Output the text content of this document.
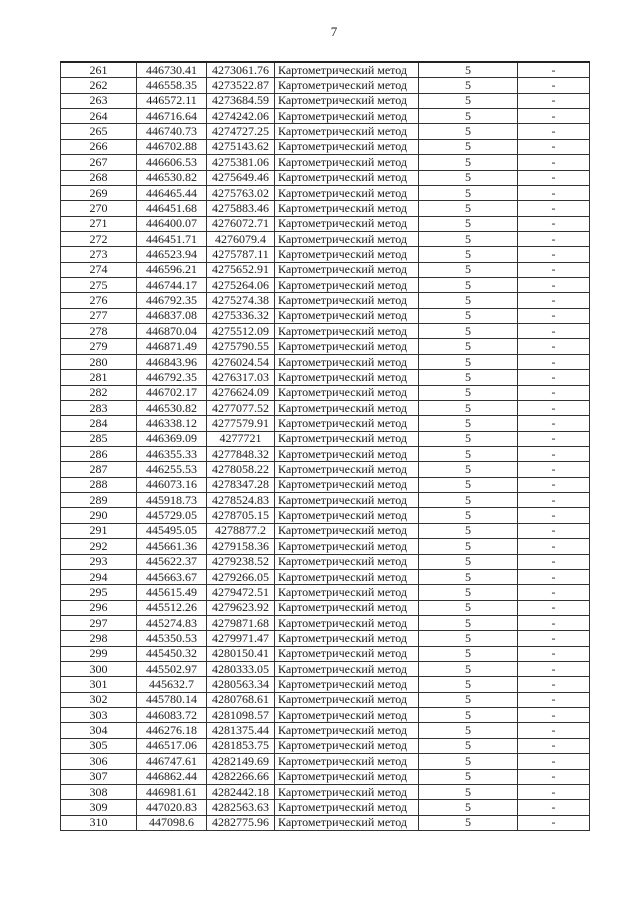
7
261	446730.41	4273061.76	Картометрический метод	5	-
262	446558.35	4273522.87	Картометрический метод	5	-
263	446572.11	4273684.59	Картометрический метод	5	-
264	446716.64	4274242.06	Картометрический метод	5	-
265	446740.73	4274727.25	Картометрический метод	5	-
266	446702.88	4275143.62	Картометрический метод	5	-
267	446606.53	4275381.06	Картометрический метод	5	-
268	446530.82	4275649.46	Картометрический метод	5	-
269	446465.44	4275763.02	Картометрический метод	5	-
270	446451.68	4275883.46	Картометрический метод	5	-
271	446400.07	4276072.71	Картометрический метод	5	-
272	446451.71	4276079.4	Картометрический метод	5	-
273	446523.94	4275787.11	Картометрический метод	5	-
274	446596.21	4275652.91	Картометрический метод	5	-
275	446744.17	4275264.06	Картометрический метод	5	-
276	446792.35	4275274.38	Картометрический метод	5	-
277	446837.08	4275336.32	Картометрический метод	5	-
278	446870.04	4275512.09	Картометрический метод	5	-
279	446871.49	4275790.55	Картометрический метод	5	-
280	446843.96	4276024.54	Картометрический метод	5	-
281	446792.35	4276317.03	Картометрический метод	5	-
282	446702.17	4276624.09	Картометрический метод	5	-
283	446530.82	4277077.52	Картометрический метод	5	-
284	446338.12	4277579.91	Картометрический метод	5	-
285	446369.09	4277721	Картометрический метод	5	-
286	446355.33	4277848.32	Картометрический метод	5	-
287	446255.53	4278058.22	Картометрический метод	5	-
288	446073.16	4278347.28	Картометрический метод	5	-
289	445918.73	4278524.83	Картометрический метод	5	-
290	445729.05	4278705.15	Картометрический метод	5	-
291	445495.05	4278877.2	Картометрический метод	5	-
292	445661.36	4279158.36	Картометрический метод	5	-
293	445622.37	4279238.52	Картометрический метод	5	-
294	445663.67	4279266.05	Картометрический метод	5	-
295	445615.49	4279472.51	Картометрический метод	5	-
296	445512.26	4279623.92	Картометрический метод	5	-
297	445274.83	4279871.68	Картометрический метод	5	-
298	445350.53	4279971.47	Картометрический метод	5	-
299	445450.32	4280150.41	Картометрический метод	5	-
300	445502.97	4280333.05	Картометрический метод	5	-
301	445632.7	4280563.34	Картометрический метод	5	-
302	445780.14	4280768.61	Картометрический метод	5	-
303	446083.72	4281098.57	Картометрический метод	5	-
304	446276.18	4281375.44	Картометрический метод	5	-
305	446517.06	4281853.75	Картометрический метод	5	-
306	446747.61	4282149.69	Картометрический метод	5	-
307	446862.44	4282266.66	Картометрический метод	5	-
308	446981.61	4282442.18	Картометрический метод	5	-
309	447020.83	4282563.63	Картометрический метод	5	-
310	447098.6	4282775.96	Картометрический метод	5	-
